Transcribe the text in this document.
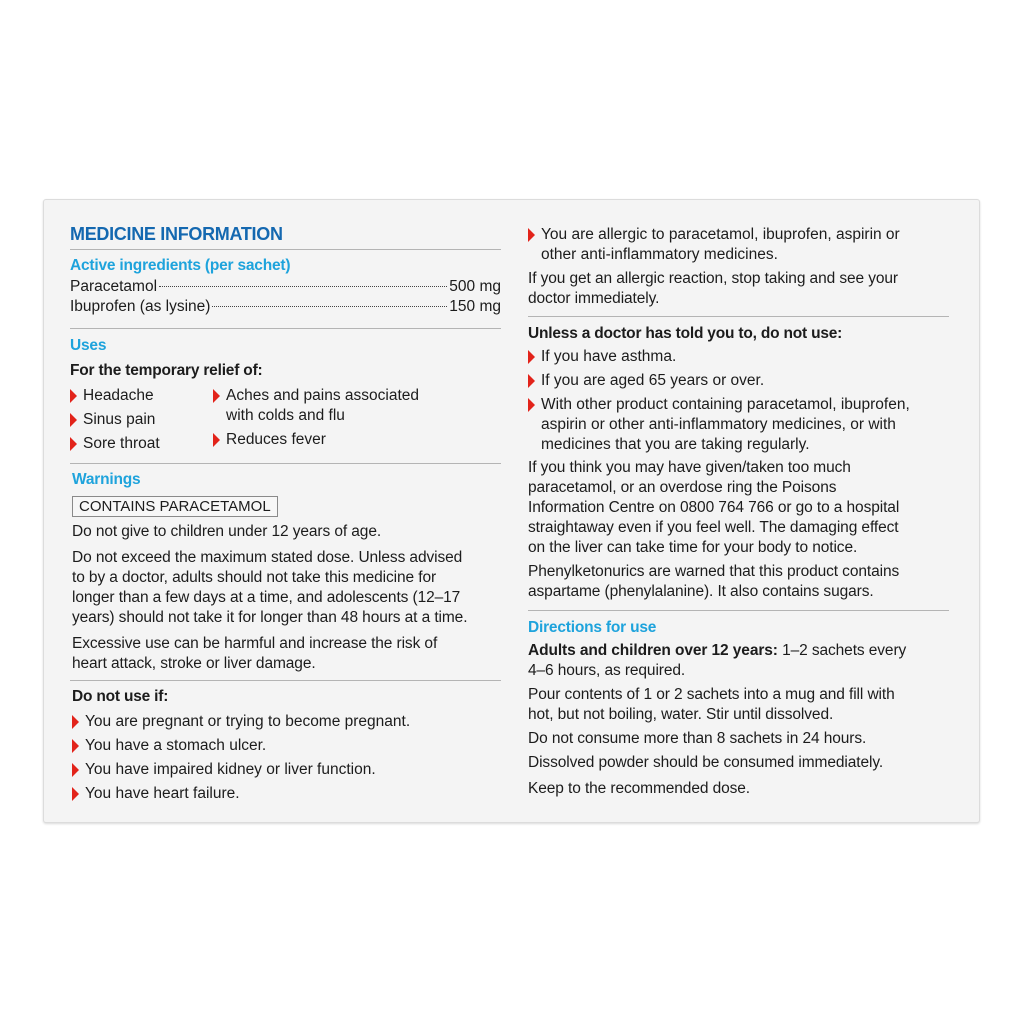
MEDICINE INFORMATION
Active ingredients (per sachet)
Paracetamol	500 mg
Ibuprofen (as lysine)	150 mg
Uses
For the temporary relief of:
Headache
Sinus pain
Sore throat
Aches and pains associated
with colds and flu
Reduces fever
Warnings
CONTAINS PARACETAMOL
Do not give to children under 12 years of age.
Do not exceed the maximum stated dose. Unless advised
to by a doctor, adults should not take this medicine for
longer than a few days at a time, and adolescents (12–17
years) should not take it for longer than 48 hours at a time.
Excessive use can be harmful and increase the risk of
heart attack, stroke or liver damage.
Do not use if:
You are pregnant or trying to become pregnant.
You have a stomach ulcer.
You have impaired kidney or liver function.
You have heart failure.
You are allergic to paracetamol, ibuprofen, aspirin or
other anti-inflammatory medicines.
If you get an allergic reaction, stop taking and see your
doctor immediately.
Unless a doctor has told you to, do not use:
If you have asthma.
If you are aged 65 years or over.
With other product containing paracetamol, ibuprofen,
aspirin or other anti-inflammatory medicines, or with
medicines that you are taking regularly.
If you think you may have given/taken too much
paracetamol, or an overdose ring the Poisons
Information Centre on 0800 764 766 or go to a hospital
straightaway even if you feel well. The damaging effect
on the liver can take time for your body to notice.
Phenylketonurics are warned that this product contains
aspartame (phenylalanine). It also contains sugars.
Directions for use
Adults and children over 12 years: 1–2 sachets every
4–6 hours, as required.
Pour contents of 1 or 2 sachets into a mug and fill with
hot, but not boiling, water. Stir until dissolved.
Do not consume more than 8 sachets in 24 hours.
Dissolved powder should be consumed immediately.
Keep to the recommended dose.
